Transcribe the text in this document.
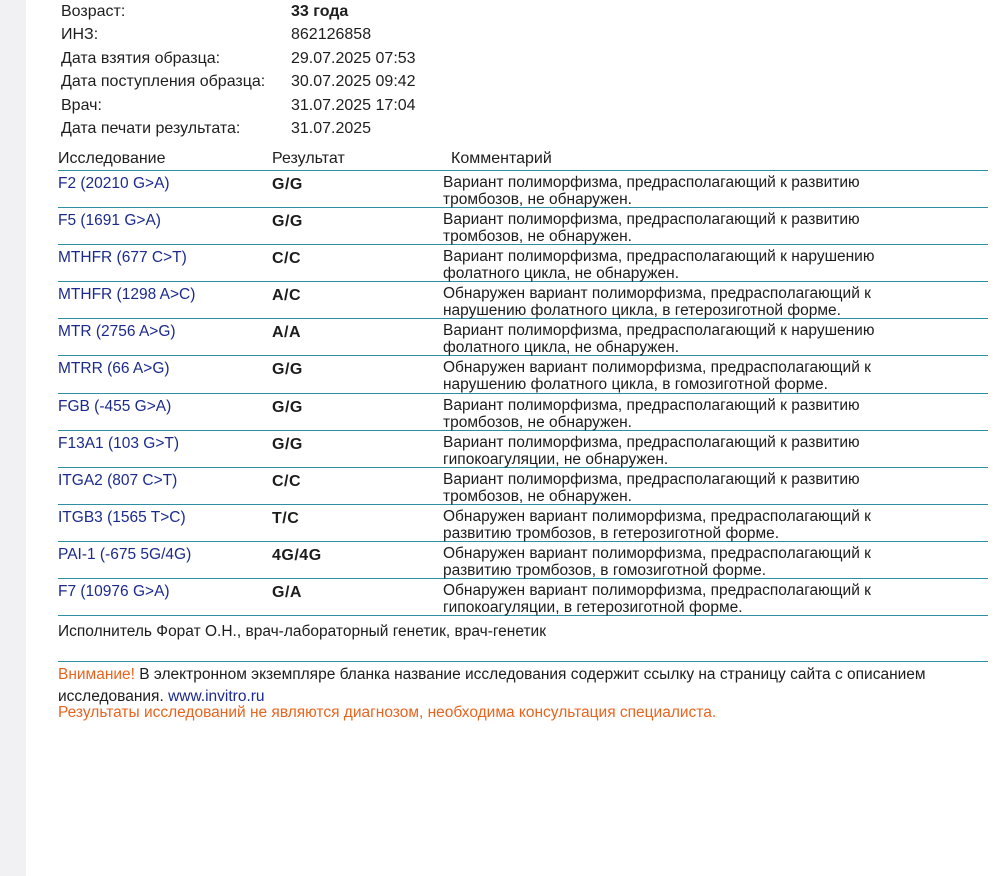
Возраст:	33 года
ИНЗ:	862126858
Дата взятия образца:	29.07.2025 07:53
Дата поступления образца: 30.07.2025 09:42
Врач:	31.07.2025 17:04
Дата печати результата:	31.07.2025
Исследование	Результат	Комментарий
F2 (20210 G>A)	G/G	Вариант полиморфизма, предрасполагающий к развитию
тромбозов, не обнаружен.
F5 (1691 G>A)	G/G	Вариант полиморфизма, предрасполагающий к развитию
тромбозов, не обнаружен.
MTHFR (677 C>T)	C/C	Вариант полиморфизма, предрасполагающий к нарушению
фолатного цикла, не обнаружен.
MTHFR (1298 A>C)	A/C	Обнаружен вариант полиморфизма, предрасполагающий к
нарушению фолатного цикла, в гетерозиготной форме.
MTR (2756 A>G)	A/A	Вариант полиморфизма, предрасполагающий к нарушению
фолатного цикла, не обнаружен.
MTRR (66 A>G)	G/G	Обнаружен вариант полиморфизма, предрасполагающий к
нарушению фолатного цикла, в гомозиготной форме.
FGB (-455 G>A)	G/G	Вариант полиморфизма, предрасполагающий к развитию
тромбозов, не обнаружен.
F13A1 (103 G>T)	G/G	Вариант полиморфизма, предрасполагающий к развитию
гипокоагуляции, не обнаружен.
ITGA2 (807 C>T)	C/C	Вариант полиморфизма, предрасполагающий к развитию
тромбозов, не обнаружен.
ITGB3 (1565 T>C)	T/C	Обнаружен вариант полиморфизма, предрасполагающий к
развитию тромбозов, в гетерозиготной форме.
PAI-1 (-675 5G/4G)	4G/4G	Обнаружен вариант полиморфизма, предрасполагающий к
развитию тромбозов, в гомозиготной форме.
F7 (10976 G>A)	G/A	Обнаружен вариант полиморфизма, предрасполагающий к
гипокоагуляции, в гетерозиготной форме.
Исполнитель Форат О.Н., врач-лабораторный генетик, врач-генетик
Внимание! В электронном экземпляре бланка название исследования содержит ссылку на страницу сайта с описанием исследования. www.invitro.ru
Результаты исследований не являются диагнозом, необходима консультация специалиста.
